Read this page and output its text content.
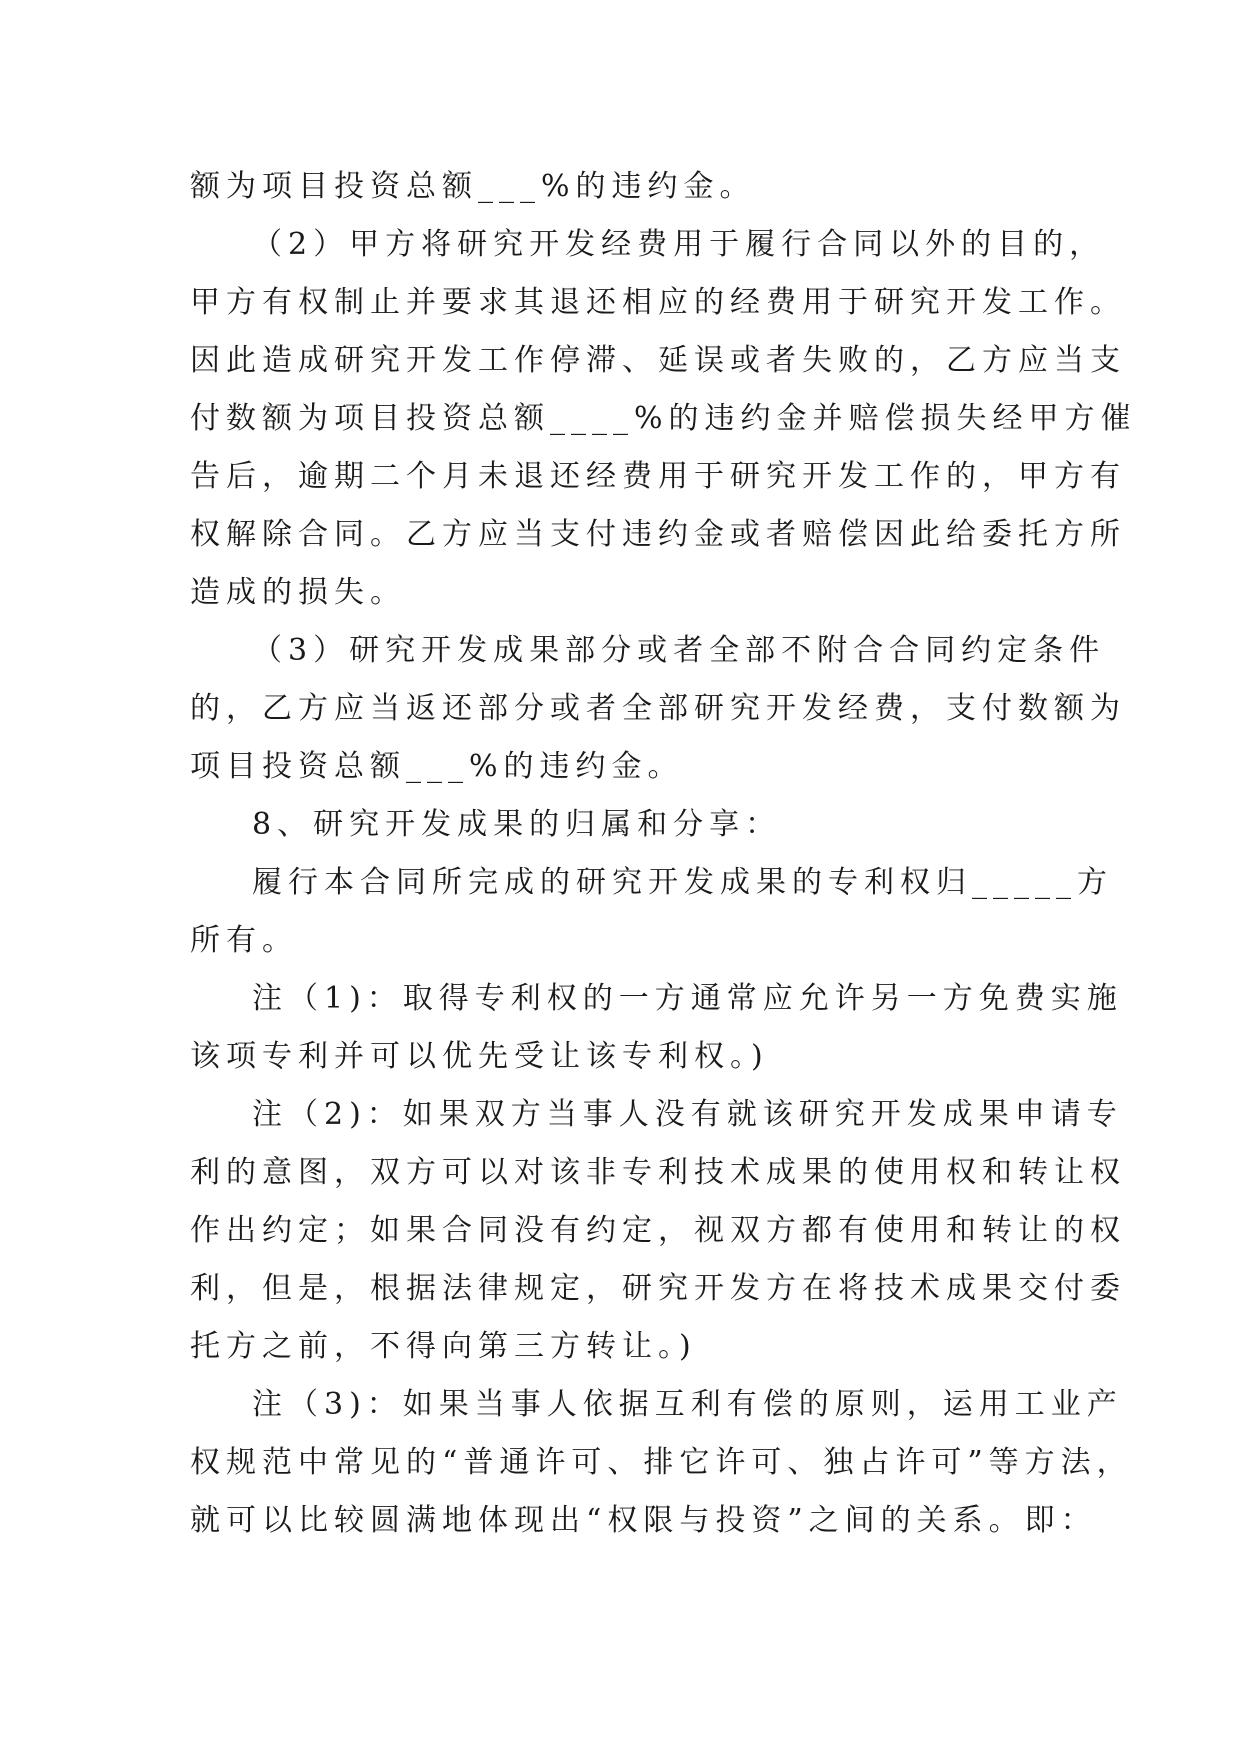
额为项目投资总额___%的违约金。
（2）甲方将研究开发经费用于履行合同以外的目的，
甲方有权制止并要求其退还相应的经费用于研究开发工作。
因此造成研究开发工作停滞、延误或者失败的，乙方应当支
付数额为项目投资总额____%的违约金并赔偿损失经甲方催
告后，逾期二个月未退还经费用于研究开发工作的，甲方有
权解除合同。乙方应当支付违约金或者赔偿因此给委托方所
造成的损失。
（3）研究开发成果部分或者全部不附合合同约定条件
的，乙方应当返还部分或者全部研究开发经费，支付数额为
项目投资总额___%的违约金。
8、研究开发成果的归属和分享：
履行本合同所完成的研究开发成果的专利权归_____方
所有。
注（1)：取得专利权的一方通常应允许另一方免费实施
该项专利并可以优先受让该专利权。)
注（2)：如果双方当事人没有就该研究开发成果申请专
利的意图，双方可以对该非专利技术成果的使用权和转让权
作出约定；如果合同没有约定，视双方都有使用和转让的权
利，但是，根据法律规定，研究开发方在将技术成果交付委
托方之前，不得向第三方转让。)
注（3)：如果当事人依据互利有偿的原则，运用工业产
权规范中常见的“普通许可、排它许可、独占许可”等方法，
就可以比较圆满地体现出“权限与投资”之间的关系。即：
